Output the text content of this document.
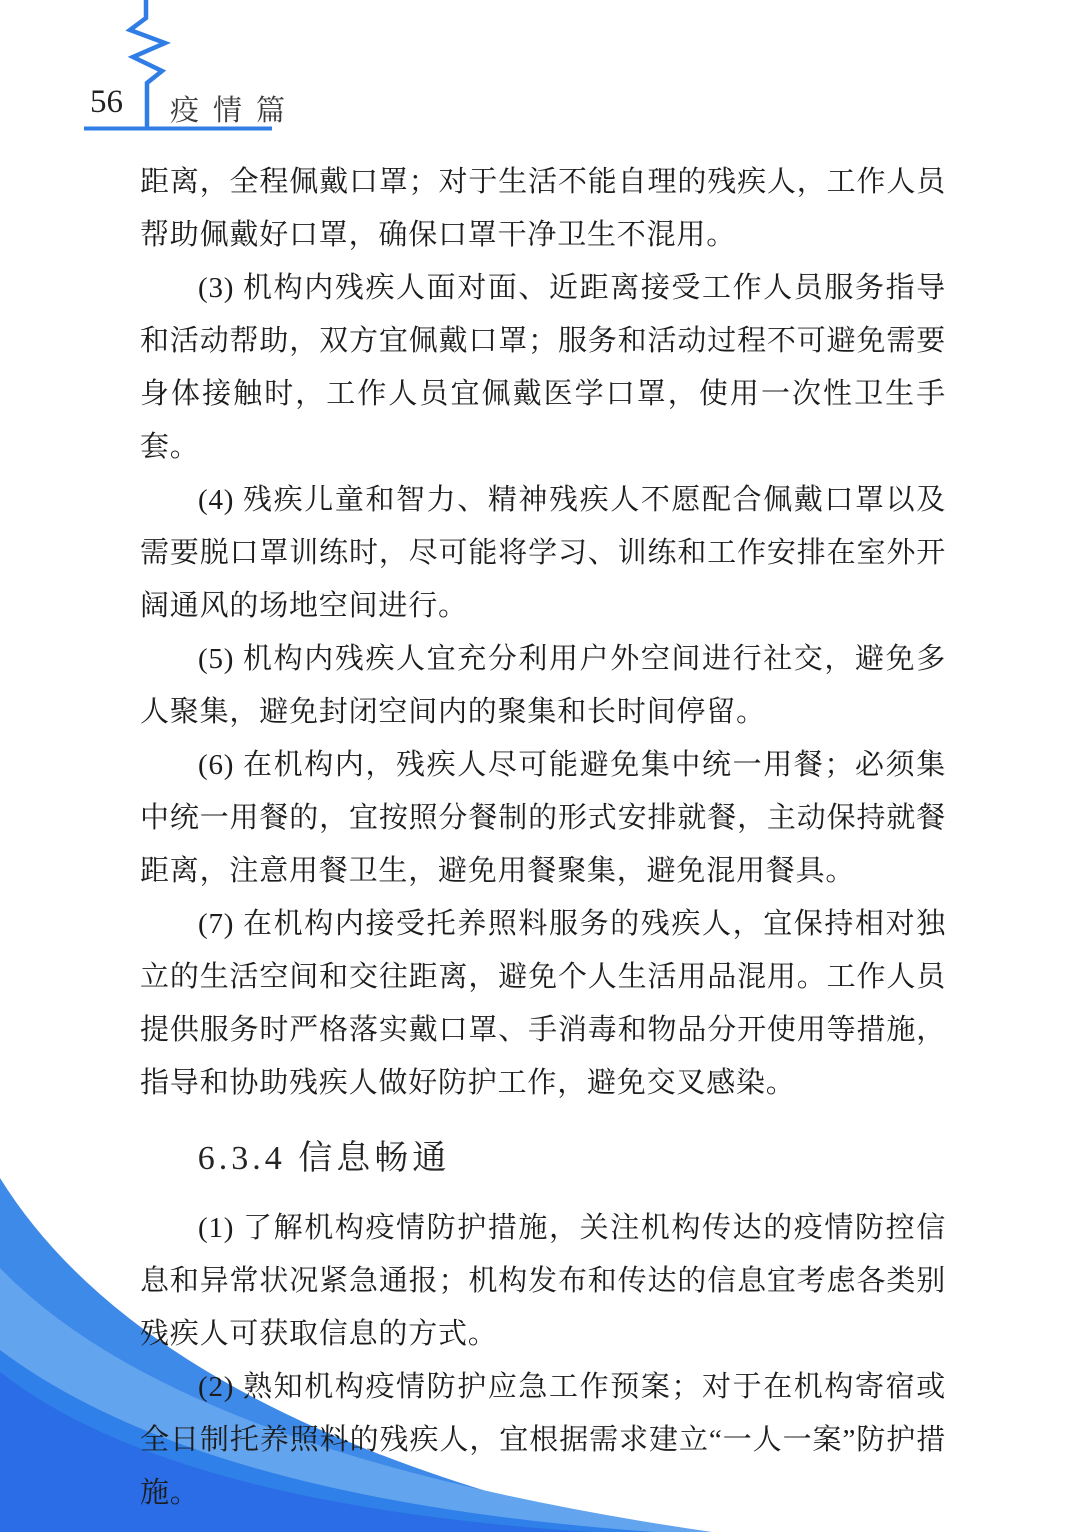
56 疫情篇

距离，全程佩戴口罩；对于生活不能自理的残疾人，工作人员帮助佩戴好口罩，确保口罩干净卫生不混用。

(3) 机构内残疾人面对面、近距离接受工作人员服务指导和活动帮助，双方宜佩戴口罩；服务和活动过程不可避免需要身体接触时，工作人员宜佩戴医学口罩，使用一次性卫生手套。

(4) 残疾儿童和智力、精神残疾人不愿配合佩戴口罩以及需要脱口罩训练时，尽可能将学习、训练和工作安排在室外开阔通风的场地空间进行。

(5) 机构内残疾人宜充分利用户外空间进行社交，避免多人聚集，避免封闭空间内的聚集和长时间停留。

(6) 在机构内，残疾人尽可能避免集中统一用餐；必须集中统一用餐的，宜按照分餐制的形式安排就餐，主动保持就餐距离，注意用餐卫生，避免用餐聚集，避免混用餐具。

(7) 在机构内接受托养照料服务的残疾人，宜保持相对独立的生活空间和交往距离，避免个人生活用品混用。工作人员提供服务时严格落实戴口罩、手消毒和物品分开使用等措施，指导和协助残疾人做好防护工作，避免交叉感染。

6.3.4 信息畅通

(1) 了解机构疫情防护措施，关注机构传达的疫情防控信息和异常状况紧急通报；机构发布和传达的信息宜考虑各类别残疾人可获取信息的方式。

(2) 熟知机构疫情防护应急工作预案；对于在机构寄宿或全日制托养照料的残疾人，宜根据需求建立“一人一案”防护措施。
